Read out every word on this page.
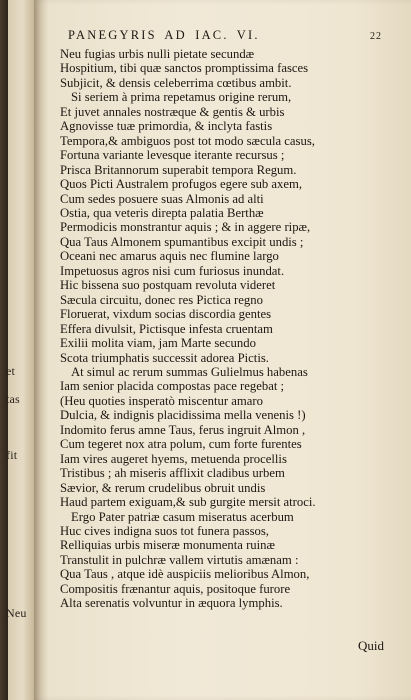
et
tas
fit
Neu
PANEGYRIS AD IAC. VI.	22
Neu fugias urbis nulli pietate secundæ
Hospitium, tibi quæ sanctos promptissima fasces
Subjicit, & densis celeberrima cœtibus ambit.
Si seriem à prima repetamus origine rerum,
Et juvet annales nostræque & gentis & urbis
Agnovisse tuæ primordia, & inclyta fastis
Tempora,& ambiguos post tot modo sæcula casus,
Fortuna variante levesque iterante recursus ;
Prisca Britannorum superabit tempora Regum.
Quos Picti Australem profugos egere sub axem,
Cum sedes posuere suas Almonis ad alti
Ostia, qua veteris direpta palatia Berthæ
Permodicis monstrantur aquis ; & in aggere ripæ,
Qua Taus Almonem spumantibus excipit undis ;
Oceani nec amarus aquis nec flumine largo
Impetuosus agros nisi cum furiosus inundat.
Hic bissena suo postquam revoluta videret
Sæcula circuitu, donec res Pictica regno
Floruerat, vixdum socias discordia gentes
Effera divulsit, Pictisque infesta cruentam
Exilii molita viam, jam Marte secundo
Scota triumphatis successit adorea Pictis.
At simul ac rerum summas Gulielmus habenas
Iam senior placida compostas pace regebat ;
(Heu quoties insperatò miscentur amaro
Dulcia, & indignis placidissima mella venenis !)
Indomito ferus amne Taus, ferus ingruit Almon ,
Cum tegeret nox atra polum, cum forte furentes
Iam vires augeret hyems, metuenda procellis
Tristibus ; ah miseris afflixit cladibus urbem
Sævior, & rerum crudelibus obruit undis
Haud partem exiguam,& sub gurgite mersit atroci.
Ergo Pater patriæ casum miseratus acerbum
Huc cives indigna suos tot funera passos,
Relliquias urbis miseræ monumenta ruinæ
Transtulit in pulchræ vallem virtutis amænam :
Qua Taus , atque idè auspiciis melioribus Almon,
Compositis frænantur aquis, positoque furore
Alta serenatis volvuntur in æquora lymphis.
Quid
